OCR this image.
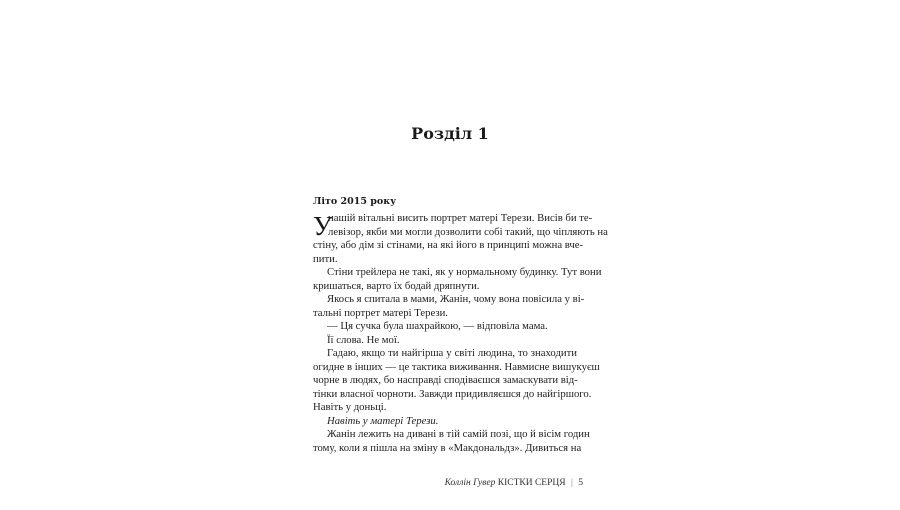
Розділ 1
Літо 2015 року
У
нашій вітальні висить портрет матері Терези. Висів би те-
левізор, якби ми могли дозволити собі такий, що чіпляють на
стіну, або дім зі стінами, на які його в принципі можна вче-
пити.
Стіни трейлера не такі, як у нормальному будинку. Тут вони
кришаться, варто їх бодай дряпнути.
Якось я спитала в мами, Жанін, чому вона повісила у ві-
тальні портрет матері Терези.
— Ця сучка була шахрайкою, — відповіла мама.
Її слова. Не мої.
Гадаю, якщо ти найгірша у світі людина, то знаходити
огидне в інших — це тактика виживання. Навмисне вишукуєш
чорне в людях, бо насправді сподіваєшся замаскувати від-
тінки власної чорноти. Завжди придивляєшся до найгіршого.
Навіть у доньці.
Навіть у матері Терези.
Жанін лежить на дивані в тій самій позі, що й вісім годин
тому, коли я пішла на зміну в «Макдональдз». Дивиться на
Коллін Гувер КІСТКИ СЕРЦЯ | 5
